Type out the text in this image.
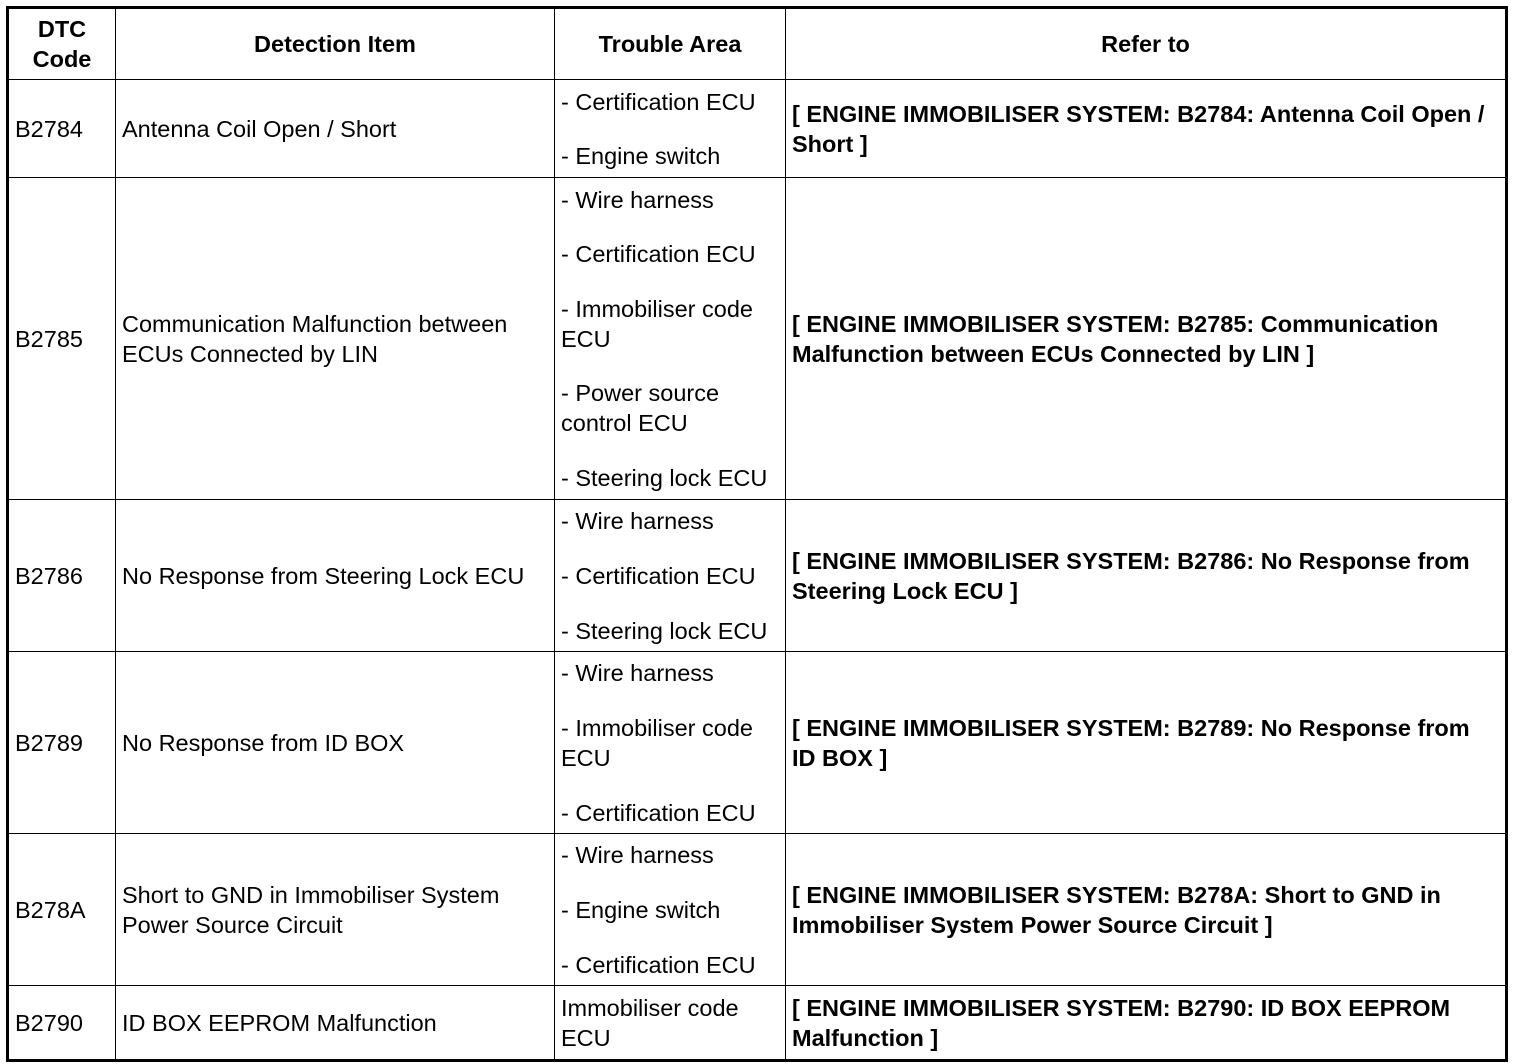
DTC Code	Detection Item	Trouble Area	Refer to
B2784	Antenna Coil Open / Short	- Certification ECU
- Engine switch	[ ENGINE IMMOBILISER SYSTEM: B2784: Antenna Coil Open / Short ]
B2785	Communication Malfunction between ECUs Connected by LIN	- Wire harness
- Certification ECU
- Immobiliser code ECU
- Power source control ECU
- Steering lock ECU	[ ENGINE IMMOBILISER SYSTEM: B2785: Communication Malfunction between ECUs Connected by LIN ]
B2786	No Response from Steering Lock ECU	- Wire harness
- Certification ECU
- Steering lock ECU	[ ENGINE IMMOBILISER SYSTEM: B2786: No Response from Steering Lock ECU ]
B2789	No Response from ID BOX	- Wire harness
- Immobiliser code ECU
- Certification ECU	[ ENGINE IMMOBILISER SYSTEM: B2789: No Response from ID BOX ]
B278A	Short to GND in Immobiliser System Power Source Circuit	- Wire harness
- Engine switch
- Certification ECU	[ ENGINE IMMOBILISER SYSTEM: B278A: Short to GND in Immobiliser System Power Source Circuit ]
B2790	ID BOX EEPROM Malfunction	Immobiliser code ECU	[ ENGINE IMMOBILISER SYSTEM: B2790: ID BOX EEPROM Malfunction ]
